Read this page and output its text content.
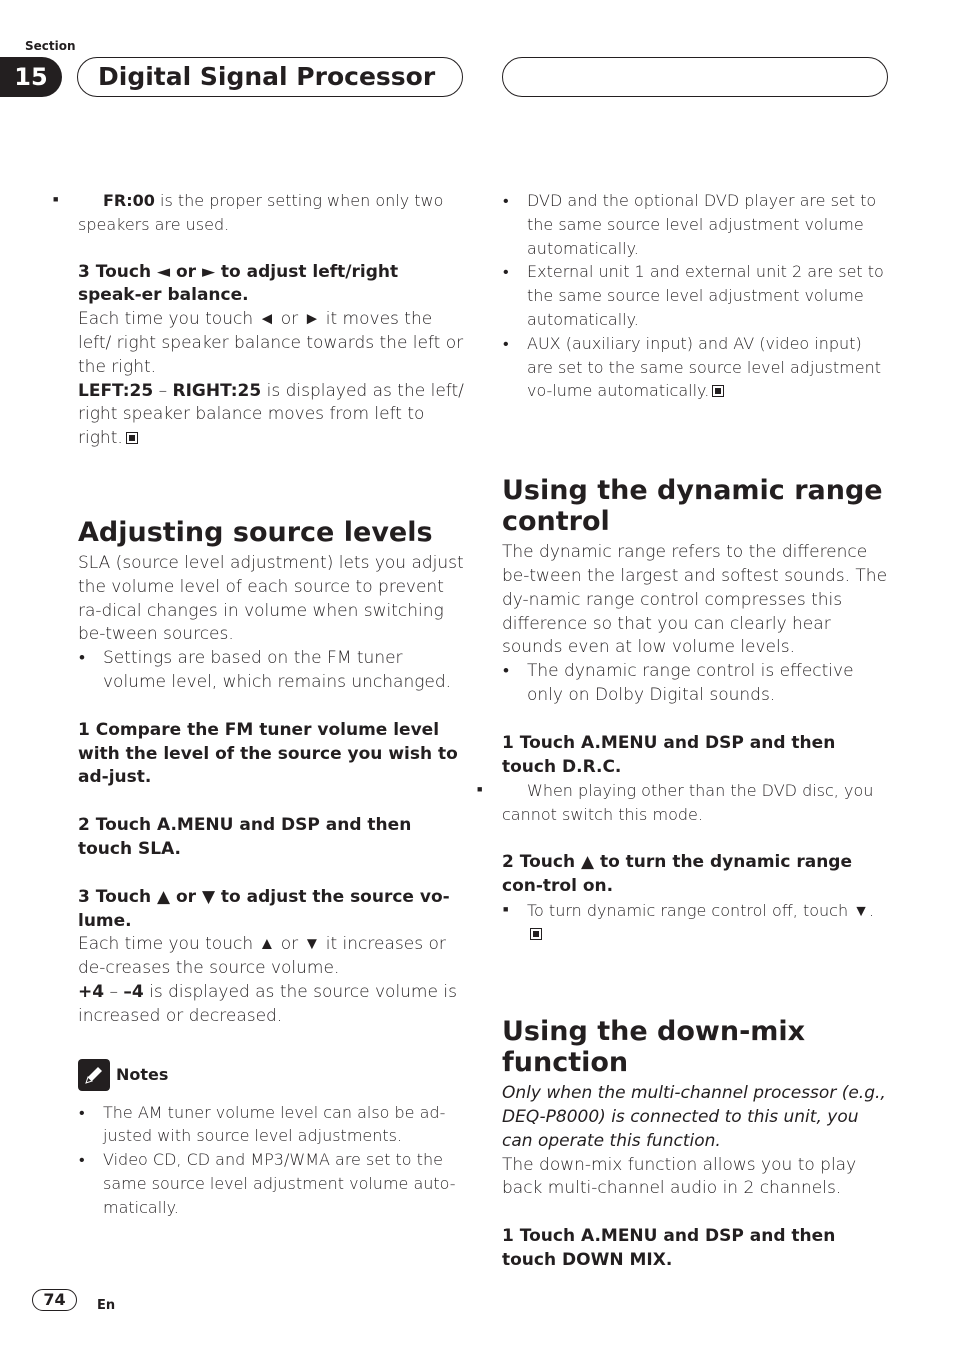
Section
15	Digital Signal Processor

■ FR:00 is the proper setting when only two speakers are used.

3 Touch ◄ or ► to adjust left/right speak-er balance.

Each time you touch ◄ or ► it moves the left/ right speaker balance towards the left or the right.

LEFT:25 – RIGHT:25 is displayed as the left/ right speaker balance moves from left to right.

Adjusting source levels

SLA (source level adjustment) lets you adjust the volume level of each source to prevent ra-dical changes in volume when switching be-tween sources.

• Settings are based on the FM tuner volume level, which remains unchanged.

1 Compare the FM tuner volume level with the level of the source you wish to ad-just.

2 Touch A.MENU and DSP and then touch SLA.

3 Touch ▲ or ▼ to adjust the source vo-lume.

Each time you touch ▲ or ▼ it increases or de-creases the source volume.

+4 – –4 is displayed as the source volume is increased or decreased.

Notes

• The AM tuner volume level can also be ad-justed with source level adjustments.

• Video CD, CD and MP3/WMA are set to the same source level adjustment volume auto-matically.

• DVD and the optional DVD player are set to the same source level adjustment volume automatically.

• External unit 1 and external unit 2 are set to the same source level adjustment volume automatically.

• AUX (auxiliary input) and AV (video input) are set to the same source level adjustment vo-lume automatically.

Using the dynamic range control

The dynamic range refers to the difference be-tween the largest and softest sounds. The dy-namic range control compresses this difference so that you can clearly hear sounds even at low volume levels.

• The dynamic range control is effective only on Dolby Digital sounds.

1 Touch A.MENU and DSP and then touch D.R.C.

■ When playing other than the DVD disc, you cannot switch this mode.

2 Touch ▲ to turn the dynamic range con-trol on.

■ To turn dynamic range control off, touch ▼.

Using the down-mix function

Only when the multi-channel processor (e.g., DEQ-P8000) is connected to this unit, you can operate this function.

The down-mix function allows you to play back multi-channel audio in 2 channels.

1 Touch A.MENU and DSP and then touch DOWN MIX.

74	En
